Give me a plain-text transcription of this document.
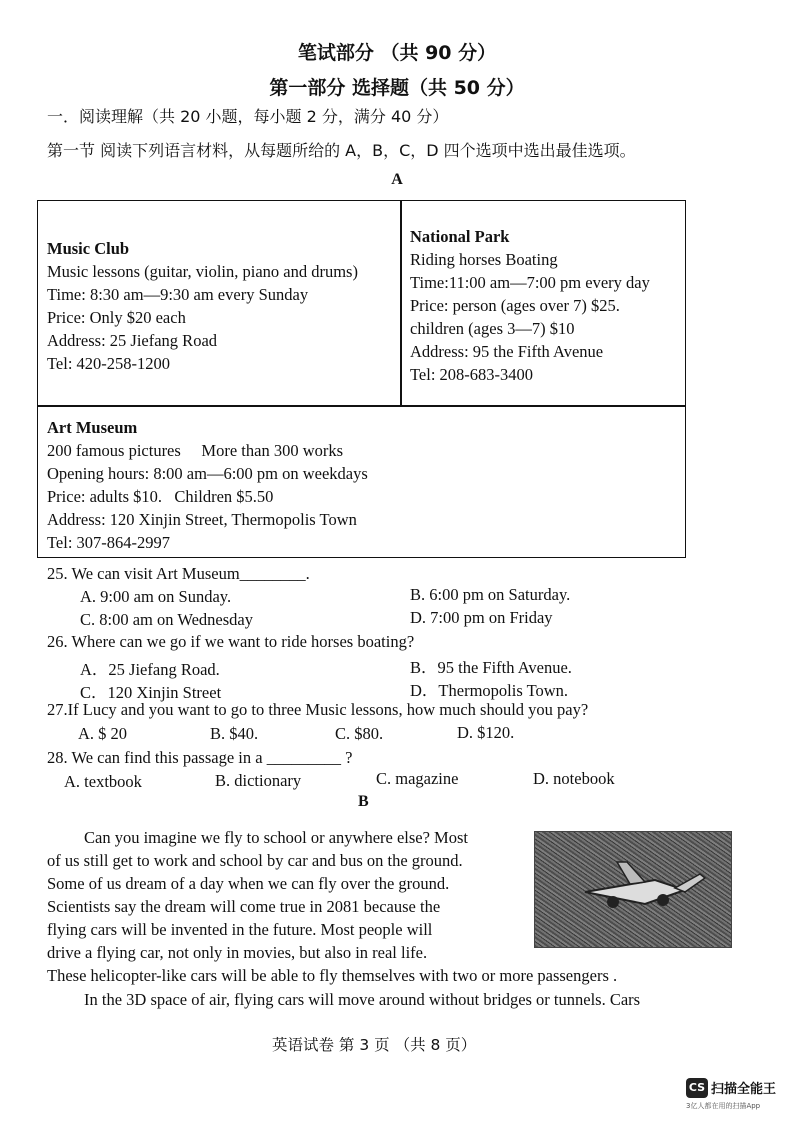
笔试部分 （共 90 分）
第一部分 选择题（共 50 分）
一．阅读理解（共 20 小题，每小题 2 分，满分 40 分）
第一节 阅读下列语言材料，从每题所给的 A，B，C，D 四个选项中选出最佳选项。
A
Music Club
Music lessons (guitar, violin, piano and drums)
Time: 8:30 am—9:30 am every Sunday
Price: Only $20 each
Address: 25 Jiefang Road
Tel: 420-258-1200
National Park
Riding horses Boating
Time:11:00 am—7:00 pm every day
Price: person (ages over 7) $25.
children (ages 3—7) $10
Address: 95 the Fifth Avenue
Tel: 208-683-3400
Art Museum
200 famous pictures     More than 300 works
Opening hours: 8:00 am—6:00 pm on weekdays
Price: adults $10.   Children $5.50
Address: 120 Xinjin Street, Thermopolis Town
Tel: 307-864-2997
25. We can visit Art Museum________.
A. 9:00 am on Sunday.	B. 6:00 pm on Saturday.
C. 8:00 am on Wednesday	D. 7:00 pm on Friday
26. Where can we go if we want to ride horses boating?
A．25 Jiefang Road.	B．95 the Fifth Avenue.
C．120 Xinjin Street	D．Thermopolis Town.
27.If Lucy and you want to go to three Music lessons, how much should you pay?
A. $ 20	B. $40.	C. $80.	D. $120.
28. We can find this passage in a _________ ?
A. textbook	B. dictionary	C. magazine	D. notebook
B
Can you imagine we fly to school or anywhere else? Most
of us still get to work and school by car and bus on the ground.
Some of us dream of a day when we can fly over the ground.
Scientists say the dream will come true in 2081 because the
flying cars will be invented in the future. Most people will
drive a flying car, not only in movies, but also in real life.
These helicopter-like cars will be able to fly themselves with two or more passengers .
In the 3D space of air, flying cars will move around without bridges or tunnels. Cars
英语试卷 第 3 页 （共 8 页）
CS 扫描全能王
3亿人都在用的扫描App
